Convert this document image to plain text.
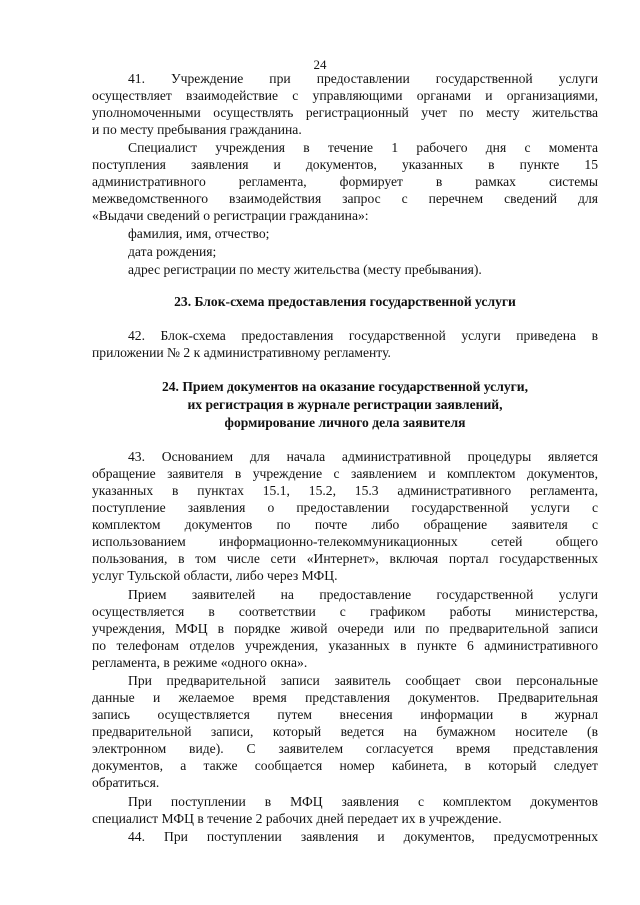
24
41. Учреждение при предоставлении государственной услуги
осуществляет взаимодействие с управляющими органами и организациями,
уполномоченными осуществлять регистрационный учет по месту жительства
и по месту пребывания гражданина.
Специалист учреждения в течение 1 рабочего дня с момента
поступления заявления и документов, указанных в пункте 15
административного регламента, формирует в рамках системы
межведомственного взаимодействия запрос с перечнем сведений для
«Выдачи сведений о регистрации гражданина»:
фамилия, имя, отчество;
дата рождения;
адрес регистрации по месту жительства (месту пребывания).
23. Блок-схема предоставления государственной услуги
42. Блок-схема предоставления государственной услуги приведена в
приложении № 2 к административному регламенту.
24. Прием документов на оказание государственной услуги,
их регистрация в журнале регистрации заявлений,
формирование личного дела заявителя
43. Основанием для начала административной процедуры является
обращение заявителя в учреждение с заявлением и комплектом документов,
указанных в пунктах 15.1, 15.2, 15.3 административного регламента,
поступление заявления о предоставлении государственной услуги с
комплектом документов по почте либо обращение заявителя с
использованием информационно-телекоммуникационных сетей общего
пользования, в том числе сети «Интернет», включая портал государственных
услуг Тульской области, либо через МФЦ.
Прием заявителей на предоставление государственной услуги
осуществляется в соответствии с графиком работы министерства,
учреждения, МФЦ в порядке живой очереди или по предварительной записи
по телефонам отделов учреждения, указанных в пункте 6 административного
регламента, в режиме «одного окна».
При предварительной записи заявитель сообщает свои персональные
данные и желаемое время представления документов. Предварительная
запись осуществляется путем внесения информации в журнал
предварительной записи, который ведется на бумажном носителе (в
электронном виде). С заявителем согласуется время представления
документов, а также сообщается номер кабинета, в который следует
обратиться.
При поступлении в МФЦ заявления с комплектом документов
специалист МФЦ в течение 2 рабочих дней передает их в учреждение.
44. При поступлении заявления и документов, предусмотренных
